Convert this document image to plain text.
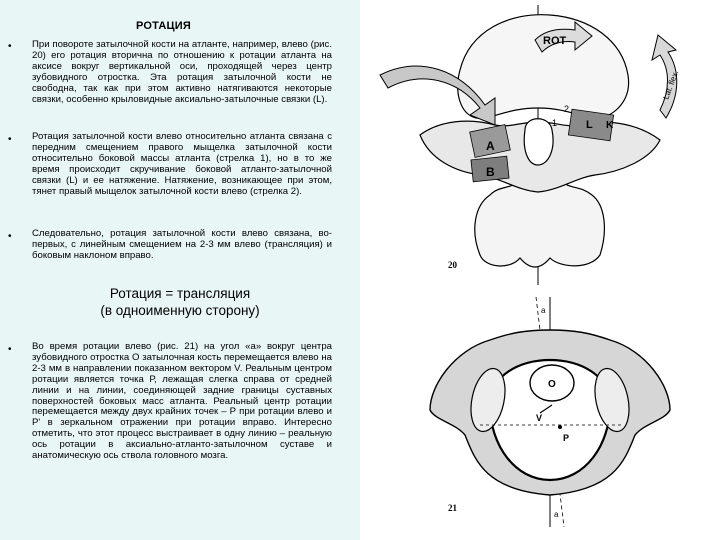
РОТАЦИЯ
• При повороте затылочной кости на атланте, например, влево (рис. 20) его ротация вторична по отношению к ротации атланта на аксисе вокруг вертикальной оси, проходящей через центр зубовидного отростка. Эта ротация затылочной кости не свободна, так как при этом активно натягиваются некоторые связки, особенно крыловидные аксиально-затылочные связки (L).

• Ротация затылочной кости влево относительно атланта связана с передним смещением правого мыщелка затылочной кости относительно боковой массы атланта (стрелка 1), но в то же время происходит скручивание боковой атланто-затылочной связки (L) и ее натяжение. Натяжение, возникающее при этом, тянет правый мыщелок затылочной кости влево (стрелка 2).

• Следовательно, ротация затылочной кости влево связана, во-первых, с линейным смещением на 2-3 мм влево (трансляция) и боковым наклоном вправо.

Ротация = трансляция
(в одноименную сторону)
• Во время ротации влево (рис. 21) на угол «а» вокруг центра зубовидного отростка О затылочная кость перемещается влево на 2-3 мм в направлении показанном вектором V. Реальным центром ротации является точка Р, лежащая слегка справа от средней линии и на линии, соединяющей задние границы суставных поверхностей боковых масс атланта. Реальный центр ротации перемещается между двух крайних точек – Р при ротации влево и Р' в зеркальном отражении при ротации вправо. Интересно отметить, что этот процесс выстраивает в одну линию – реальную ось ротации в аксиально-атланто-затылочном суставе и анатомическую ось ствола головного мозга.

ROT
Lat. flex.
A
B
L
2
1	K
20
a
a
O
V
P
21
